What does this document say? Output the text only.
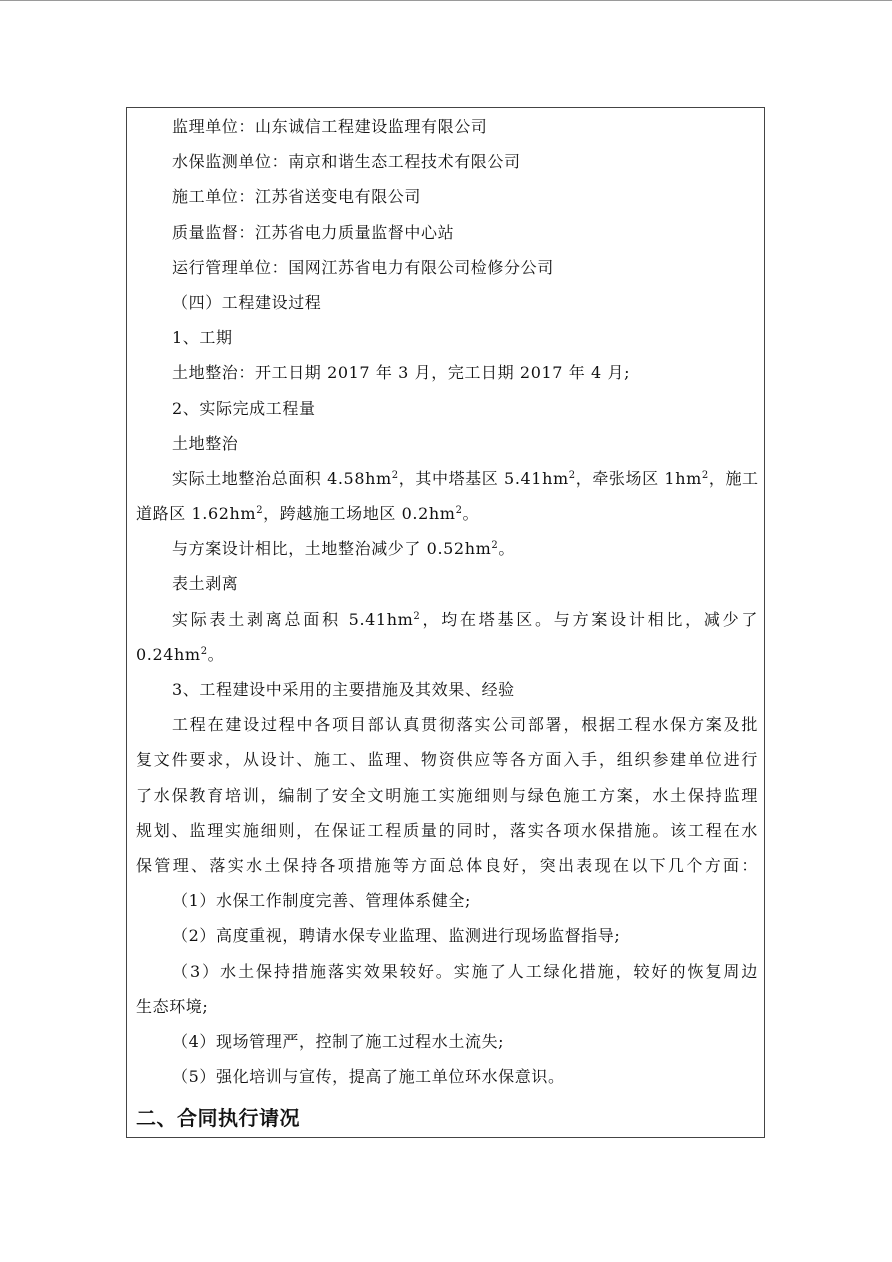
监理单位：山东诚信工程建设监理有限公司
水保监测单位：南京和谐生态工程技术有限公司
施工单位：江苏省送变电有限公司
质量监督：江苏省电力质量监督中心站
运行管理单位：国网江苏省电力有限公司检修分公司
（四）工程建设过程
1、工期
土地整治：开工日期 2017 年 3 月，完工日期 2017 年 4 月;
2、实际完成工程量
土地整治
实际土地整治总面积 $4.58hm^2$，其中塔基区 $5.41hm^2$，牵张场区 $1hm^2$，施工
道路区 $1.62hm^2$，跨越施工场地区 $0.2hm^2$。
与方案设计相比，土地整治减少了 $0.52hm^2$。
表土剥离
实际表土剥离总面积 $5.41hm^2$，均在塔基区。与方案设计相比，减少了
$0.24hm^2$。
3、工程建设中采用的主要措施及其效果、经验
工程在建设过程中各项目部认真贯彻落实公司部署，根据工程水保方案及批
复文件要求，从设计、施工、监理、物资供应等各方面入手，组织参建单位进行
了水保教育培训，编制了安全文明施工实施细则与绿色施工方案，水土保持监理
规划、监理实施细则，在保证工程质量的同时，落实各项水保措施。该工程在水
保管理、落实水土保持各项措施等方面总体良好，突出表现在以下几个方面：
（1）水保工作制度完善、管理体系健全;
（2）高度重视，聘请水保专业监理、监测进行现场监督指导;
（3）水土保持措施落实效果较好。实施了人工绿化措施，较好的恢复周边
生态环境;
（4）现场管理严，控制了施工过程水土流失;
（5）强化培训与宣传，提高了施工单位环水保意识。
二、合同执行请况
